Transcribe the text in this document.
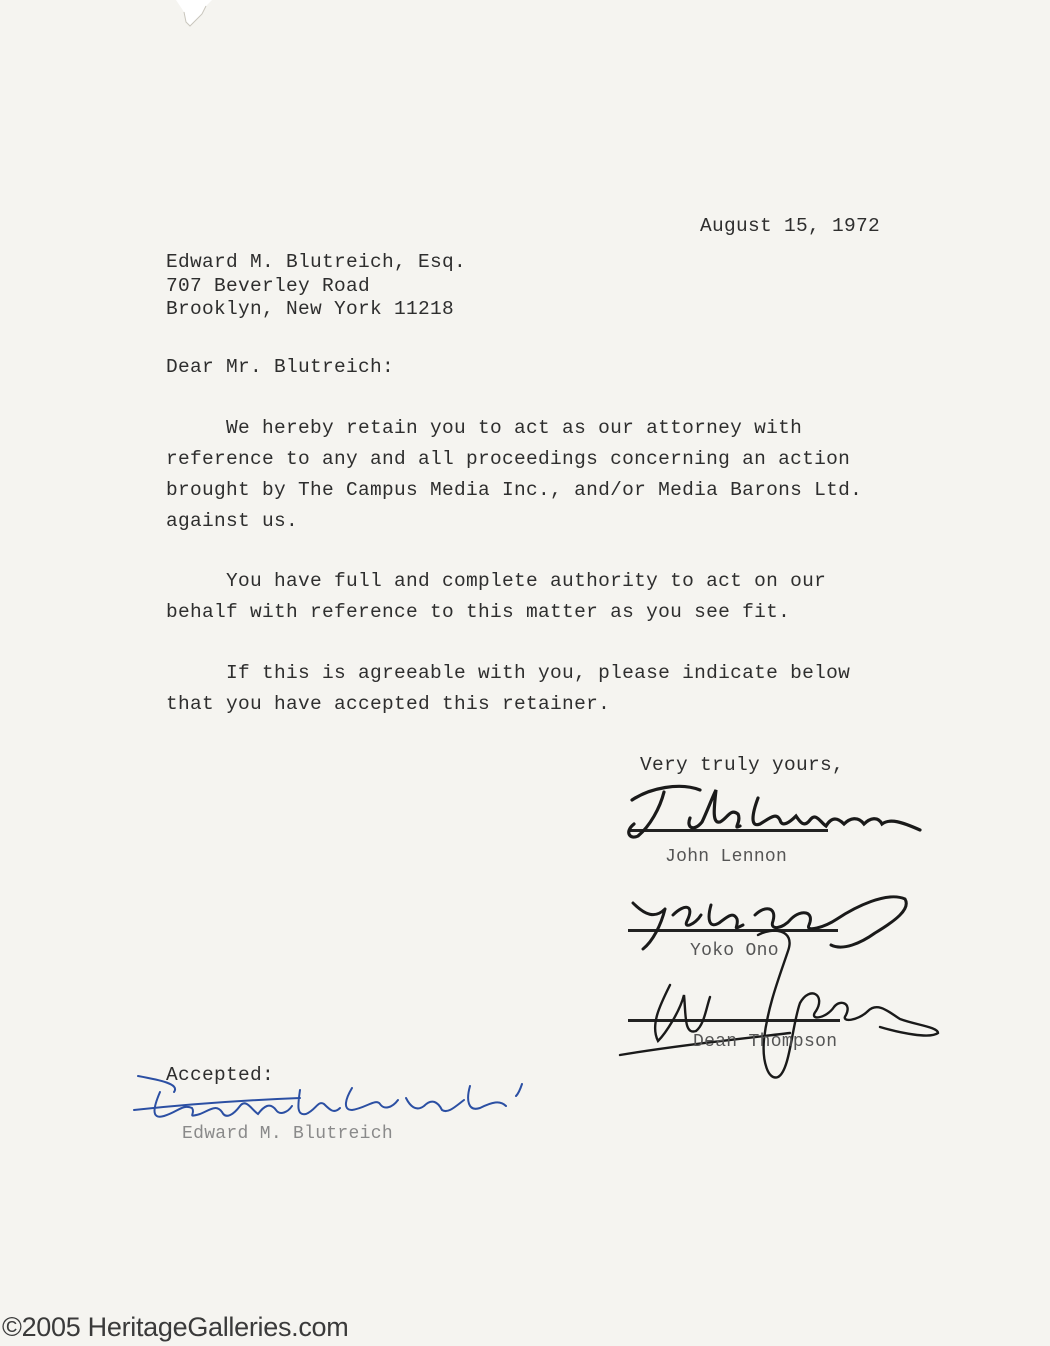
August 15, 1972
Edward M. Blutreich, Esq.
707 Beverley Road
Brooklyn, New York 11218
Dear Mr. Blutreich:
We hereby retain you to act as our attorney with
reference to any and all proceedings concerning an action
brought by The Campus Media Inc., and/or Media Barons Ltd.
against us.
You have full and complete authority to act on our
behalf with reference to this matter as you see fit.
If this is agreeable with you, please indicate below
that you have accepted this retainer.
Very truly yours,
John Lennon
Yoko Ono
Dean Thompson
Accepted:
Edward M. Blutreich
©2005 HeritageGalleries.com
